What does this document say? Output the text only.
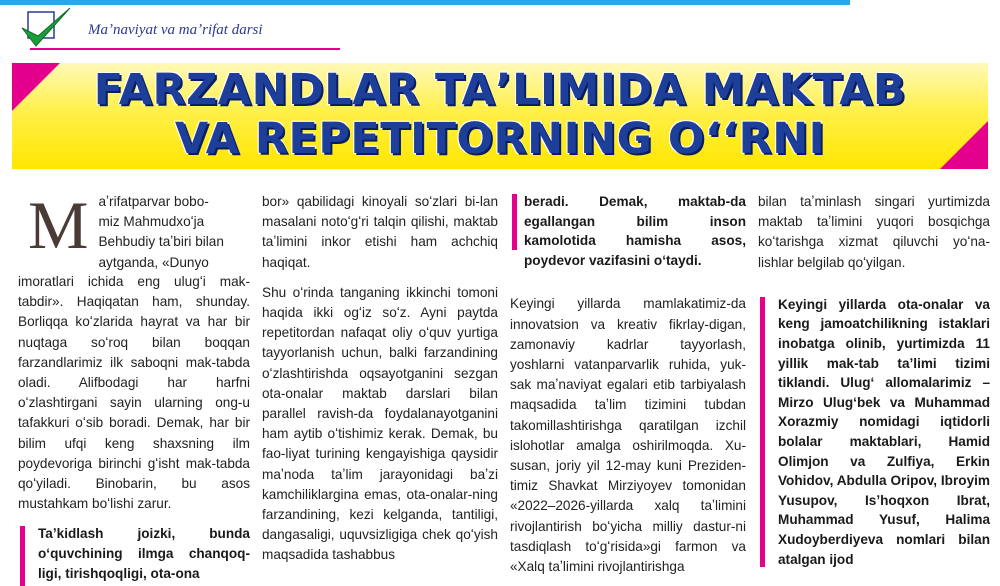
Maʼnaviyat va maʼrifat darsi
FARZANDLAR TAʼLIMIDA MAKTAB
VA REPETITORNING OʻʻRNI
M aʼrifatparvar bobo-
miz Mahmudxoʻja
Behbudiy taʼbiri bilan
aytganda, «Dunyo

imoratlari ichida eng ulugʻi mak-tabdir». Haqiqatan ham, shunday. Borliqqa koʻzlarida hayrat va har bir nuqtaga soʻroq bilan boqqan farzandlarimiz ilk saboqni mak-tabda oladi. Alifbodagi har harfni oʻzlashtirgani sayin ularning ong-u tafakkuri oʻsib boradi. Demak, har bir bilim ufqi keng shaxsning ilm poydevoriga birinchi gʻisht mak-tabda qoʻyiladi. Binobarin, bu asos mustahkam boʻlishi zarur.

Taʼkidlash joizki, bunda oʻquvchining ilmga chanqoq-ligi, tirishqoqligi, ota-ona

bor» qabilidagi kinoyali soʻzlari bi-lan masalani notoʻgʻri talqin qilishi, maktab taʼlimini inkor etishi ham achchiq haqiqat.

Shu oʻrinda tanganing ikkinchi tomoni haqida ikki ogʻiz soʻz. Ayni paytda repetitordan nafaqat oliy oʻquv yurtiga tayyorlanish uchun, balki farzandining oʻzlashtirishda oqsayotganini sezgan ota-onalar maktab darslari bilan parallel ravish-da foydalanayotganini ham aytib oʻtishimiz kerak. Demak, bu fao-liyat turining kengayishiga qaysidir maʼnoda taʼlim jarayonidagi baʼzi kamchiliklargina emas, ota-onalar-ning farzandining, kezi kelganda, tantiligi, dangasaligi, uquvsizligiga chek qoʻyish maqsadida tashabbus

beradi. Demak, maktab-da egallangan bilim inson kamolotida hamisha asos, poydevor vazifasini oʻtaydi.

Keyingi yillarda mamlakatimiz-da innovatsion va kreativ fikrlay-digan, zamonaviy kadrlar tayyorlash, yoshlarni vatanparvarlik ruhida, yuk-sak maʼnaviyat egalari etib tarbiyalash maqsadida taʼlim tizimini tubdan takomillashtirishga qaratilgan izchil islohotlar amalga oshirilmoqda. Xu-susan, joriy yil 12-may kuni Preziden-timiz Shavkat Mirziyoyev tomonidan «2022–2026-yillarda xalq taʼlimini rivojlantirish boʻyicha milliy dastur-ni tasdiqlash toʻgʻrisida»gi farmon va «Xalq taʼlimini rivojlantirishga

bilan taʼminlash singari yurtimizda maktab taʼlimini yuqori bosqichga koʻtarishga xizmat qiluvchi yoʻna-lishlar belgilab qoʻyilgan.

Keyingi yillarda ota-onalar va keng jamoatchilikning istaklari inobatga olinib, yurtimizda 11 yillik mak-tab taʼlimi tizimi tiklandi. Ulugʻ allomalarimiz – Mirzo Ulugʻbek va Muhammad Xorazmiy nomidagi iqtidorli bolalar maktablari, Hamid Olimjon va Zulfiya, Erkin Vohidov, Abdulla Oripov, Ibroyim Yusupov, Isʼhoqxon Ibrat, Muhammad Yusuf, Halima Xudoyberdiyeva nomlari bilan atalgan ijod
